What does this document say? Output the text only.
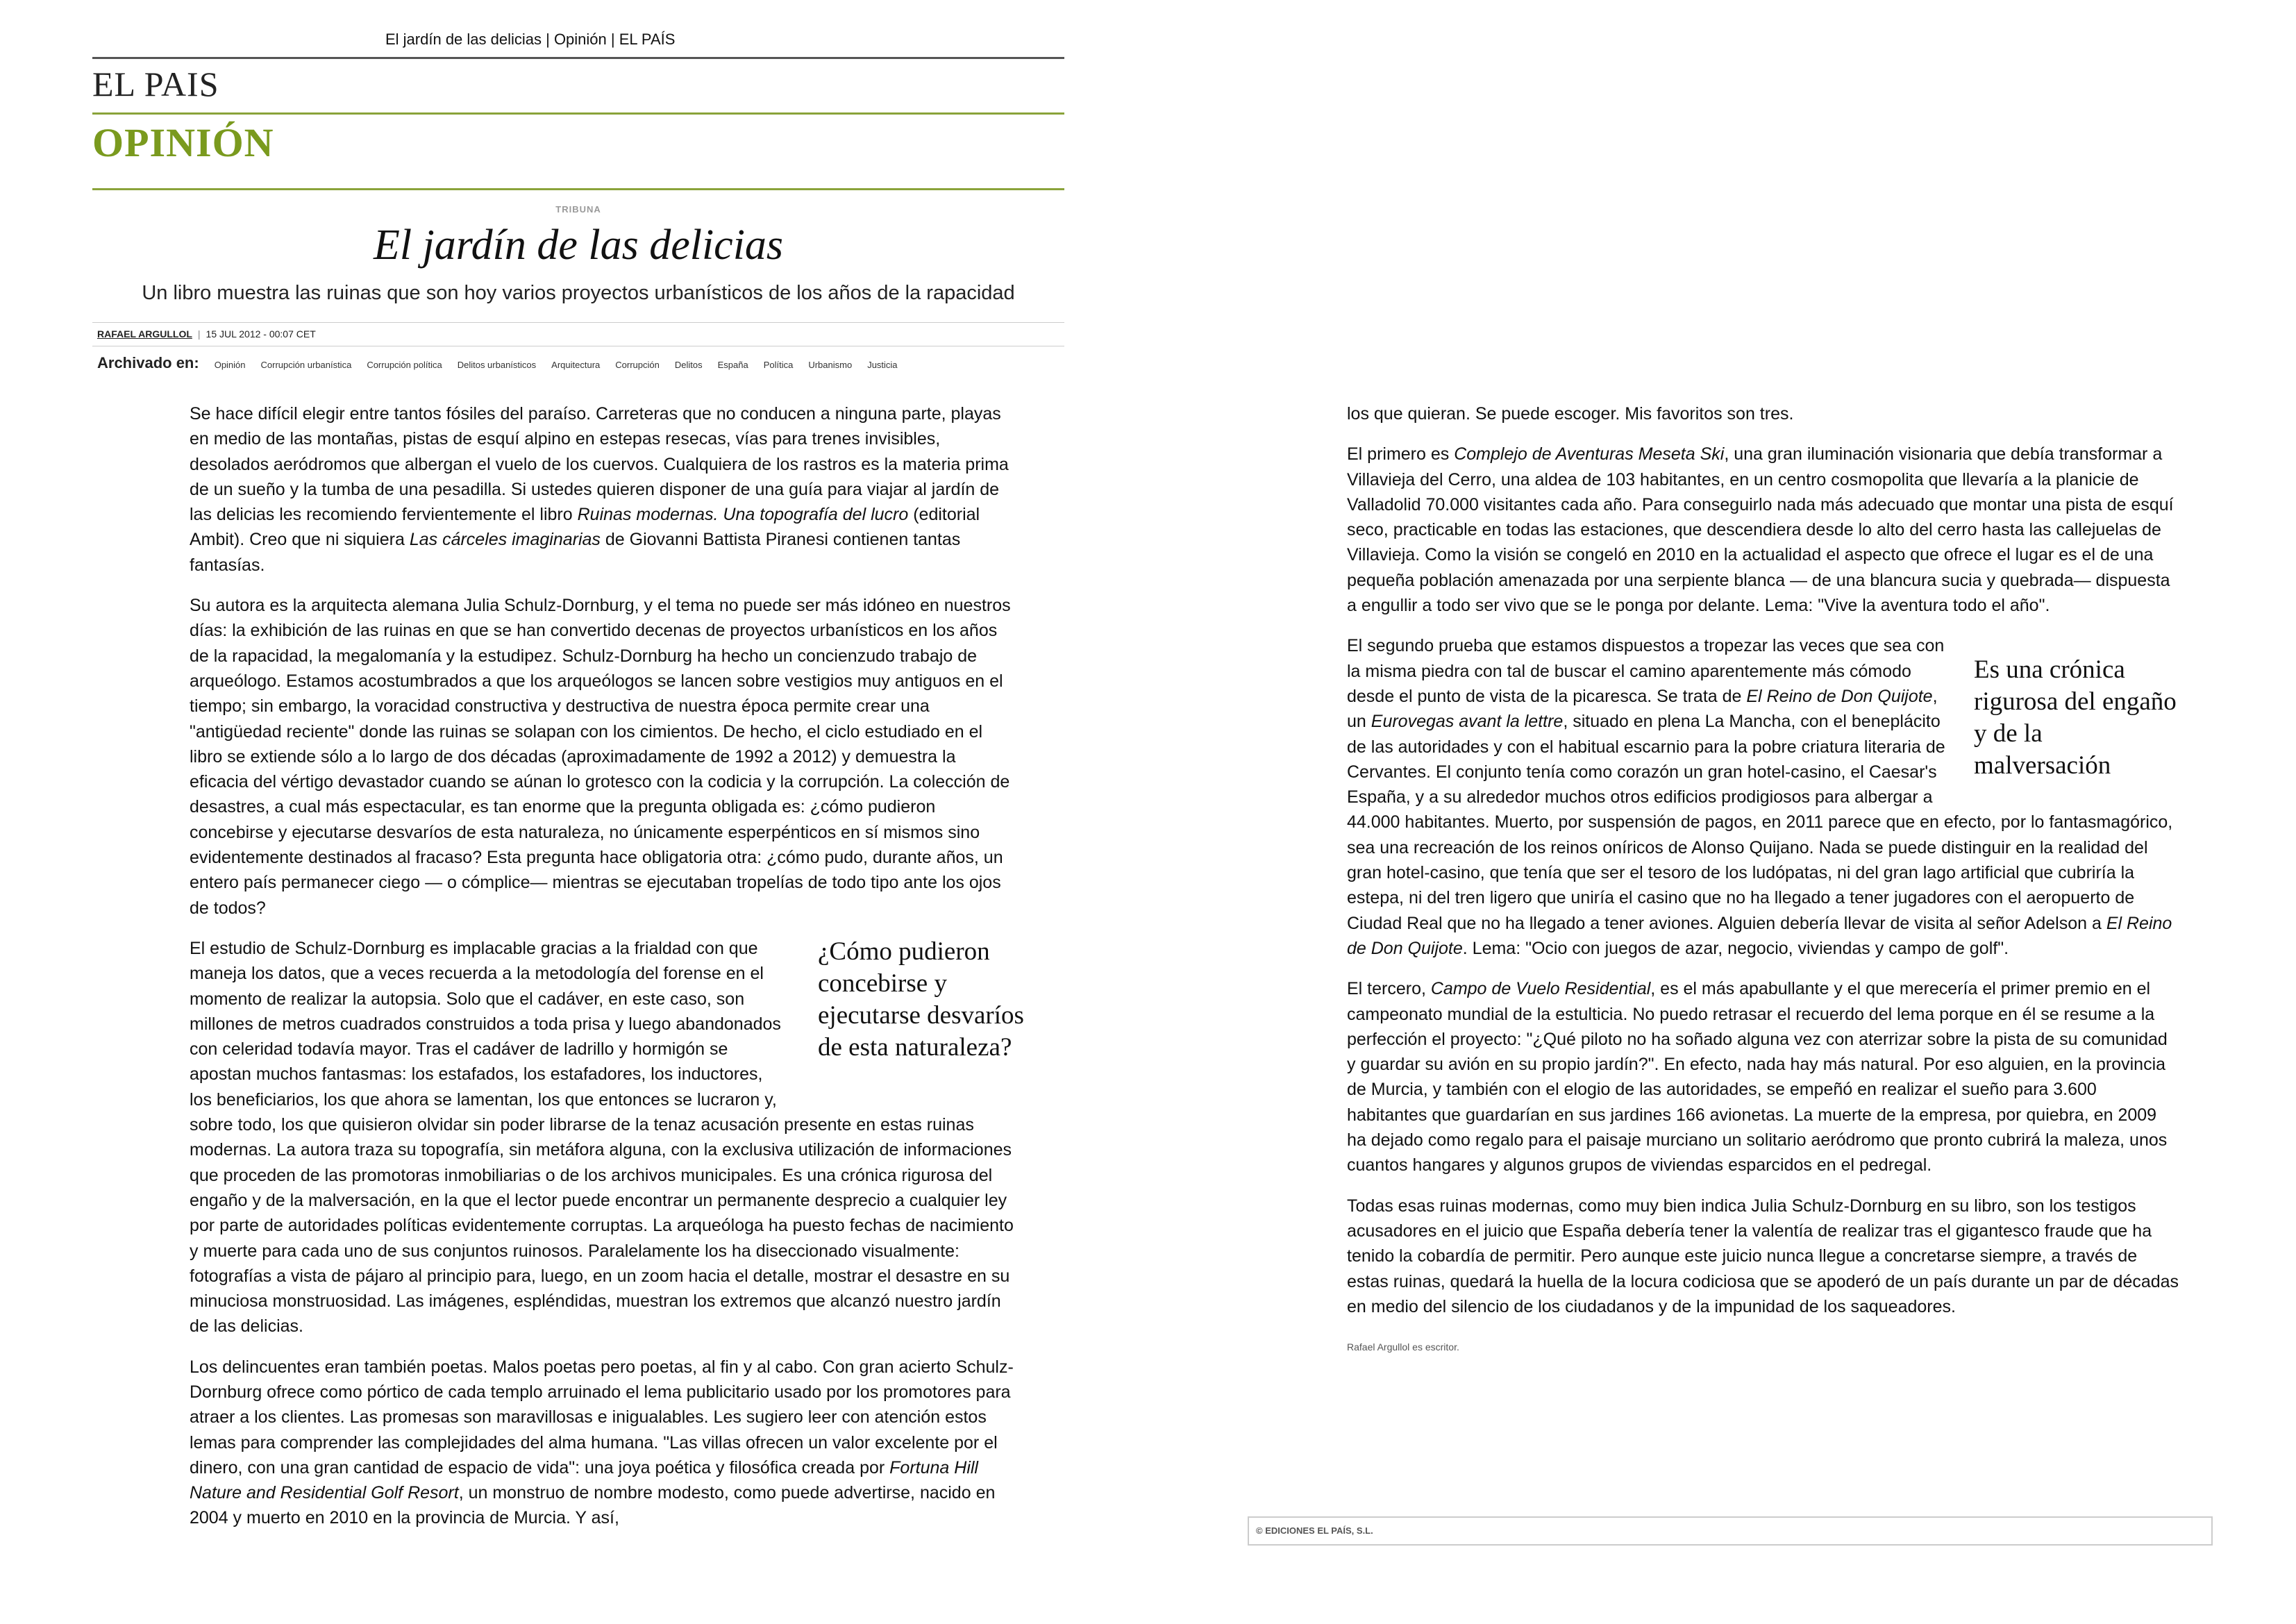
El jardín de las delicias | Opinión | EL PAÍS
EL PAIS
OPINIÓN
TRIBUNA
El jardín de las delicias
Un libro muestra las ruinas que son hoy varios proyectos urbanísticos de los años de la rapacidad
RAFAEL ARGULLOL | 15 JUL 2012 - 00:07 CET
Archivado en: Opinión Corrupción urbanística Corrupción política Delitos urbanísticos Arquitectura Corrupción Delitos España Política Urbanismo Justicia

Se hace difícil elegir entre tantos fósiles del paraíso. Carreteras que no conducen a ninguna parte, playas en medio de las montañas, pistas de esquí alpino en estepas resecas, vías para trenes invisibles, desolados aeródromos que albergan el vuelo de los cuervos. Cualquiera de los rastros es la materia prima de un sueño y la tumba de una pesadilla. Si ustedes quieren disponer de una guía para viajar al jardín de las delicias les recomiendo fervientemente el libro Ruinas modernas. Una topografía del lucro (editorial Ambit). Creo que ni siquiera Las cárceles imaginarias de Giovanni Battista Piranesi contienen tantas fantasías.

Su autora es la arquitecta alemana Julia Schulz-Dornburg, y el tema no puede ser más idóneo en nuestros días: la exhibición de las ruinas en que se han convertido decenas de proyectos urbanísticos en los años de la rapacidad, la megalomanía y la estudipez. Schulz-Dornburg ha hecho un concienzudo trabajo de arqueólogo. Estamos acostumbrados a que los arqueólogos se lancen sobre vestigios muy antiguos en el tiempo; sin embargo, la voracidad constructiva y destructiva de nuestra época permite crear una "antigüedad reciente" donde las ruinas se solapan con los cimientos. De hecho, el ciclo estudiado en el libro se extiende sólo a lo largo de dos décadas (aproximadamente de 1992 a 2012) y demuestra la eficacia del vértigo devastador cuando se aúnan lo grotesco con la codicia y la corrupción. La colección de desastres, a cual más espectacular, es tan enorme que la pregunta obligada es: ¿cómo pudieron concebirse y ejecutarse desvaríos de esta naturaleza, no únicamente esperpénticos en sí mismos sino evidentemente destinados al fracaso? Esta pregunta hace obligatoria otra: ¿cómo pudo, durante años, un entero país permanecer ciego — o cómplice— mientras se ejecutaban tropelías de todo tipo ante los ojos de todos?

El estudio de Schulz-Dornburg es implacable gracias a la frialdad con que maneja los datos, que a veces recuerda a la metodología del forense en el momento de realizar la autopsia. Solo que el cadáver, en este caso, son millones de metros cuadrados construidos a toda prisa y luego abandonados con celeridad todavía mayor. Tras el cadáver de ladrillo y hormigón se apostan muchos fantasmas: los estafados, los estafadores, los inductores, los beneficiarios, los que ahora se lamentan, los que entonces se lucraron y, sobre todo, los que quisieron olvidar sin poder librarse de la tenaz acusación presente en estas ruinas modernas. La autora traza su topografía, sin metáfora alguna, con la exclusiva utilización de informaciones que proceden de las promotoras inmobiliarias o de los archivos municipales. Es una crónica rigurosa del engaño y de la malversación, en la que el lector puede encontrar un permanente desprecio a cualquier ley por parte de autoridades políticas evidentemente corruptas. La arqueóloga ha puesto fechas de nacimiento y muerte para cada uno de sus conjuntos ruinosos. Paralelamente los ha diseccionado visualmente: fotografías a vista de pájaro al principio para, luego, en un zoom hacia el detalle, mostrar el desastre en su minuciosa monstruosidad. Las imágenes, espléndidas, muestran los extremos que alcanzó nuestro jardín de las delicias.

Los delincuentes eran también poetas. Malos poetas pero poetas, al fin y al cabo. Con gran acierto Schulz-Dornburg ofrece como pórtico de cada templo arruinado el lema publicitario usado por los promotores para atraer a los clientes. Las promesas son maravillosas e inigualables. Les sugiero leer con atención estos lemas para comprender las complejidades del alma humana. "Las villas ofrecen un valor excelente por el dinero, con una gran cantidad de espacio de vida": una joya poética y filosófica creada por Fortuna Hill Nature and Residential Golf Resort, un monstruo de nombre modesto, como puede advertirse, nacido en 2004 y muerto en 2010 en la provincia de Murcia. Y así,

¿Cómo pudieron concebirse y ejecutarse desvaríos de esta naturaleza?

los que quieran. Se puede escoger. Mis favoritos son tres.

El primero es Complejo de Aventuras Meseta Ski, una gran iluminación visionaria que debía transformar a Villavieja del Cerro, una aldea de 103 habitantes, en un centro cosmopolita que llevaría a la planicie de Valladolid 70.000 visitantes cada año. Para conseguirlo nada más adecuado que montar una pista de esquí seco, practicable en todas las estaciones, que descendiera desde lo alto del cerro hasta las callejuelas de Villavieja. Como la visión se congeló en 2010 en la actualidad el aspecto que ofrece el lugar es el de una pequeña población amenazada por una serpiente blanca — de una blancura sucia y quebrada— dispuesta a engullir a todo ser vivo que se le ponga por delante. Lema: "Vive la aventura todo el año".

El segundo prueba que estamos dispuestos a tropezar las veces que sea con la misma piedra con tal de buscar el camino aparentemente más cómodo desde el punto de vista de la picaresca. Se trata de El Reino de Don Quijote, un Eurovegas avant la lettre, situado en plena La Mancha, con el beneplácito de las autoridades y con el habitual escarnio para la pobre criatura literaria de Cervantes. El conjunto tenía como corazón un gran hotel-casino, el Caesar's España, y a su alrededor muchos otros edificios prodigiosos para albergar a 44.000 habitantes. Muerto, por suspensión de pagos, en 2011 parece que en efecto, por lo fantasmagórico, sea una recreación de los reinos oníricos de Alonso Quijano. Nada se puede distinguir en la realidad del gran hotel-casino, que tenía que ser el tesoro de los ludópatas, ni del gran lago artificial que cubriría la estepa, ni del tren ligero que uniría el casino que no ha llegado a tener jugadores con el aeropuerto de Ciudad Real que no ha llegado a tener aviones. Alguien debería llevar de visita al señor Adelson a El Reino de Don Quijote. Lema: "Ocio con juegos de azar, negocio, viviendas y campo de golf".

El tercero, Campo de Vuelo Residential, es el más apabullante y el que merecería el primer premio en el campeonato mundial de la estulticia. No puedo retrasar el recuerdo del lema porque en él se resume a la perfección el proyecto: "¿Qué piloto no ha soñado alguna vez con aterrizar sobre la pista de su comunidad y guardar su avión en su propio jardín?". En efecto, nada hay más natural. Por eso alguien, en la provincia de Murcia, y también con el elogio de las autoridades, se empeñó en realizar el sueño para 3.600 habitantes que guardarían en sus jardines 166 avionetas. La muerte de la empresa, por quiebra, en 2009 ha dejado como regalo para el paisaje murciano un solitario aeródromo que pronto cubrirá la maleza, unos cuantos hangares y algunos grupos de viviendas esparcidos en el pedregal.

Todas esas ruinas modernas, como muy bien indica Julia Schulz-Dornburg en su libro, son los testigos acusadores en el juicio que España debería tener la valentía de realizar tras el gigantesco fraude que ha tenido la cobardía de permitir. Pero aunque este juicio nunca llegue a concretarse siempre, a través de estas ruinas, quedará la huella de la locura codiciosa que se apoderó de un país durante un par de décadas en medio del silencio de los ciudadanos y de la impunidad de los saqueadores.

Rafael Argullol es escritor.
Es una crónica rigurosa del engaño y de la malversación
© EDICIONES EL PAÍS, S.L.
